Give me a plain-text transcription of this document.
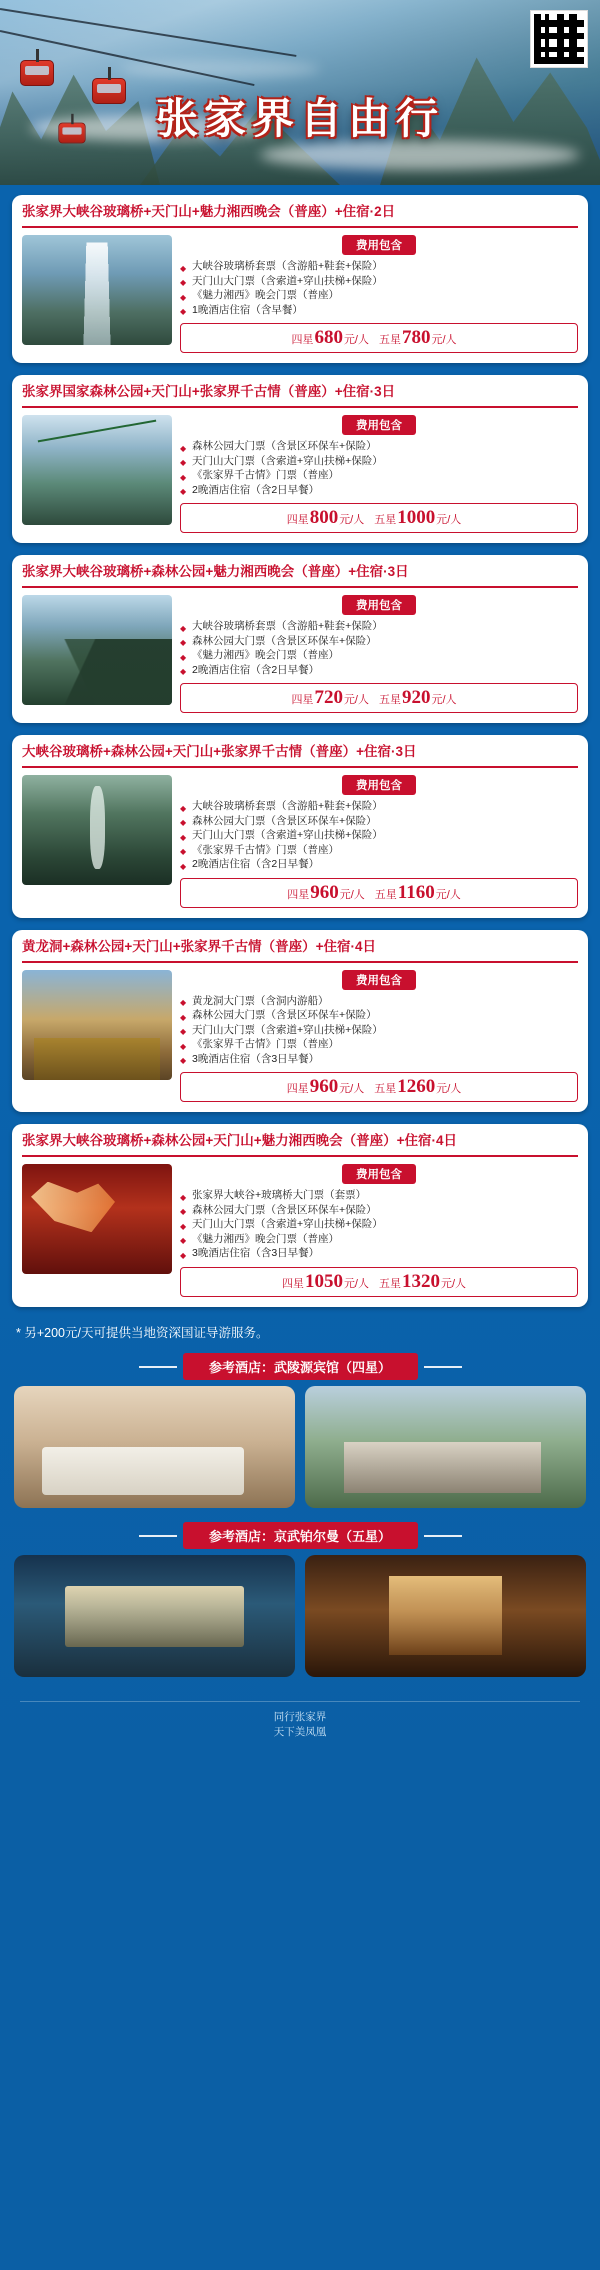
张家界自由行
张家界大峡谷玻璃桥+天门山+魅力湘西晚会（普座）+住宿·2日
费用包含
◆ 大峡谷玻璃桥套票（含游船+鞋套+保险）
◆ 天门山大门票（含索道+穿山扶梯+保险）
◆ 《魅力湘西》晚会门票（普座）
◆ 1晚酒店住宿（含早餐）
四星680元/人 五星780元/人
张家界国家森林公园+天门山+张家界千古情（普座）+住宿·3日
费用包含
◆ 森林公园大门票（含景区环保车+保险）
◆ 天门山大门票（含索道+穿山扶梯+保险）
◆ 《张家界千古情》门票（普座）
◆ 2晚酒店住宿（含2日早餐）
四星800元/人 五星1000元/人
张家界大峡谷玻璃桥+森林公园+魅力湘西晚会（普座）+住宿·3日
费用包含
◆ 大峡谷玻璃桥套票（含游船+鞋套+保险）
◆ 森林公园大门票（含景区环保车+保险）
◆ 《魅力湘西》晚会门票（普座）
◆ 2晚酒店住宿（含2日早餐）
四星720元/人 五星920元/人
大峡谷玻璃桥+森林公园+天门山+张家界千古情（普座）+住宿·3日
费用包含
◆ 大峡谷玻璃桥套票（含游船+鞋套+保险）
◆ 森林公园大门票（含景区环保车+保险）
◆ 天门山大门票（含索道+穿山扶梯+保险）
◆ 《张家界千古情》门票（普座）
◆ 2晚酒店住宿（含2日早餐）
四星960元/人 五星1160元/人
黄龙洞+森林公园+天门山+张家界千古情（普座）+住宿·4日
费用包含
◆ 黄龙洞大门票（含洞内游船）
◆ 森林公园大门票（含景区环保车+保险）
◆ 天门山大门票（含索道+穿山扶梯+保险）
◆ 《张家界千古情》门票（普座）
◆ 3晚酒店住宿（含3日早餐）
四星960元/人 五星1260元/人
张家界大峡谷玻璃桥+森林公园+天门山+魅力湘西晚会（普座）+住宿·4日
费用包含
◆ 张家界大峡谷+玻璃桥大门票（套票）
◆ 森林公园大门票（含景区环保车+保险）
◆ 天门山大门票（含索道+穿山扶梯+保险）
◆ 《魅力湘西》晚会门票（普座）
◆ 3晚酒店住宿（含3日早餐）
四星1050元/人 五星1320元/人
* 另+200元/天可提供当地资深国证导游服务。
参考酒店：武陵源宾馆（四星）
参考酒店：京武铂尔曼（五星）
同行张家界
天下美凤凰
